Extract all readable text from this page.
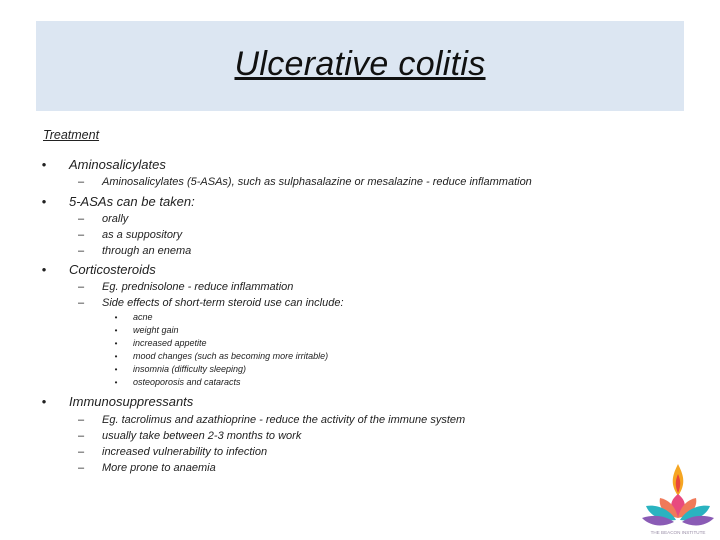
Ulcerative colitis
Treatment
•	Aminosalicylates
–	Aminosalicylates (5-ASAs), such as sulphasalazine or mesalazine - reduce inflammation
•	5-ASAs can be taken:
–	orally
–	as a suppository
–	through an enema
•	Corticosteroids
–	Eg. prednisolone - reduce inflammation
–	Side effects of short-term steroid use can include:
•	acne
•	weight gain
•	increased appetite
•	mood changes (such as becoming more irritable)
•	insomnia (difficulty sleeping)
•	osteoporosis and cataracts
•	Immunosuppressants
–	Eg. tacrolimus and azathioprine - reduce the activity of the immune system
–	usually take between 2-3 months to work
–	increased vulnerability to infection
–	More prone to anaemia
THE BEACON INSTITUTE
